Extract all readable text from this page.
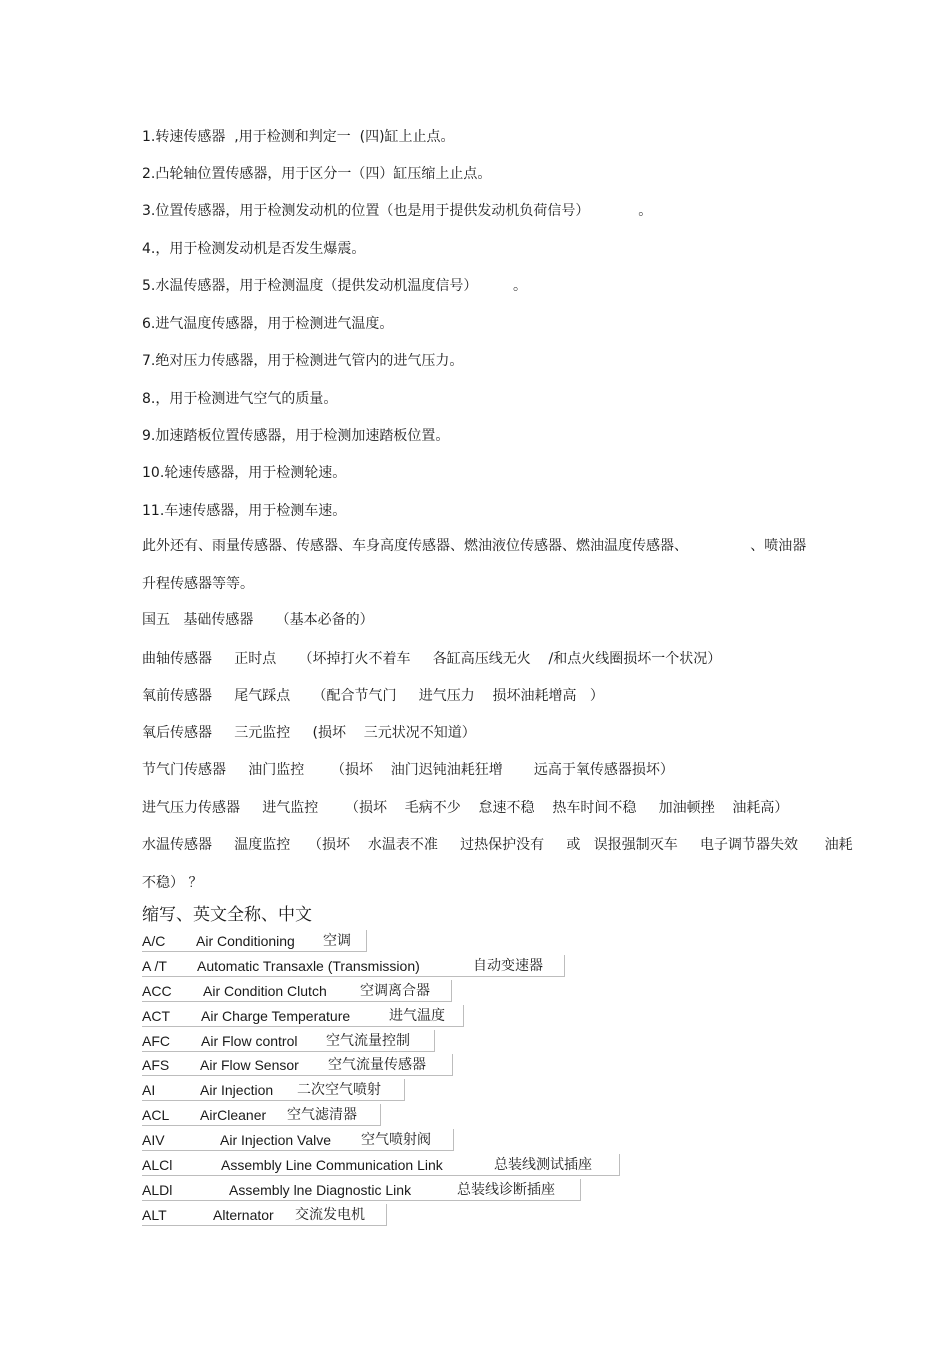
1.转速传感器  ,用于检测和判定一  (四)缸上止点。
2.凸轮轴位置传感器，用于区分一（四）缸压缩上止点。
3.位置传感器，用于检测发动机的位置（也是用于提供发动机负荷信号）           。
4.，用于检测发动机是否发生爆震。
5.水温传感器，用于检测温度（提供发动机温度信号）        。
6.进气温度传感器，用于检测进气温度。
7.绝对压力传感器，用于检测进气管内的进气压力。
8.，用于检测进气空气的质量。
9.加速踏板位置传感器，用于检测加速踏板位置。
10.轮速传感器，用于检测轮速。
11.车速传感器，用于检测车速。
此外还有、雨量传感器、传感器、车身高度传感器、燃油液位传感器、燃油温度传感器、              、喷油器
升程传感器等等。
国五   基础传感器     （基本必备的）
曲轴传感器     正时点     （坏掉打火不着车     各缸高压线无火    /和点火线圈损坏一个状况）
氧前传感器     尾气踩点     （配合节气门     进气压力    损坏油耗增高   ）
氧后传感器     三元监控     (损坏    三元状况不知道）
节气门传感器     油门监控      （损坏    油门迟钝油耗狂增       远高于氧传感器损坏）
进气压力传感器     进气监控      （损坏    毛病不少    怠速不稳    热车时间不稳     加油顿挫    油耗高）
水温传感器     温度监控    （损坏    水温表不准     过热保护没有     或   误报强制灭车     电子调节器失效      油耗
不稳） ？
缩写、英文全称、中文
A/C Air Conditioning 空调
A /T Automatic Transaxle (Transmission)	自动变速器
ACC Air Condition Clutch 空调离合器
ACT Air Charge Temperature	进气温度
AFC Air Flow control 空气流量控制
AFS Air Flow Sensor 空气流量传感器
AI	Air Injection 二次空气喷射
ACL AirCleaner 空气滤清器
AIV	Air Injection Valve 空气喷射阀
ALCl	Assembly Line Communication Link	总装线测试插座
ALDl	Assembly lne Diagnostic Link	总装线诊断插座
ALT	Alternator 交流发电机
